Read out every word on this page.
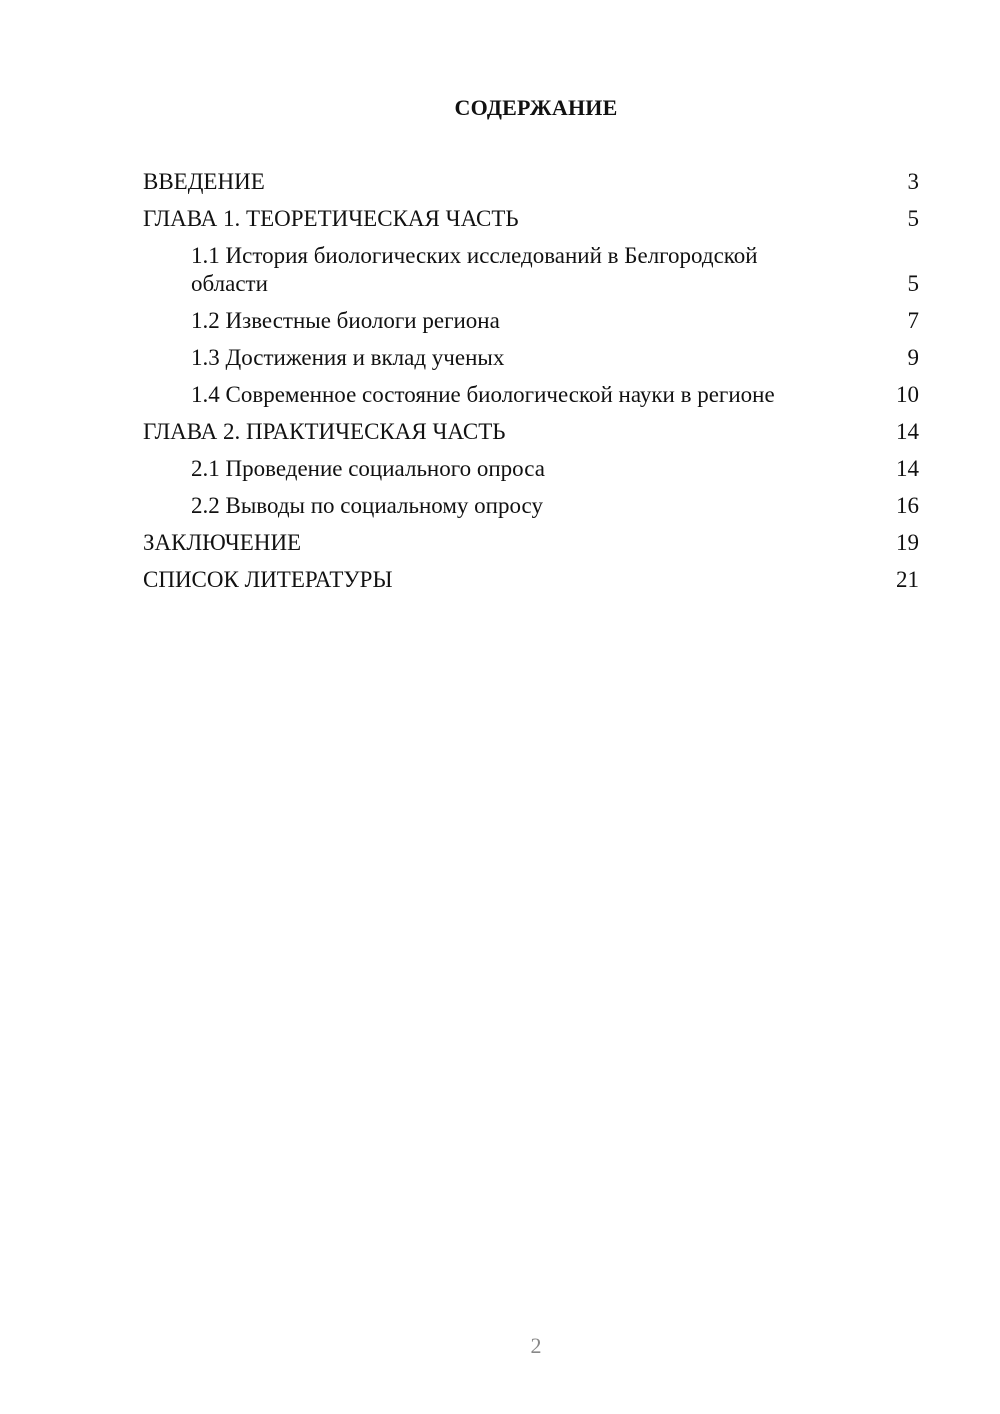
СОДЕРЖАНИЕ
ВВЕДЕНИЕ	3
ГЛАВА 1. ТЕОРЕТИЧЕСКАЯ ЧАСТЬ	5
1.1 История биологических исследований в Белгородской области	5
1.2 Известные биологи региона	7
1.3 Достижения и вклад ученых	9
1.4 Современное состояние биологической науки в регионе	10
ГЛАВА 2. ПРАКТИЧЕСКАЯ ЧАСТЬ	14
2.1 Проведение социального опроса	14
2.2 Выводы по социальному опросу	16
ЗАКЛЮЧЕНИЕ	19
СПИСОК ЛИТЕРАТУРЫ	21
2
